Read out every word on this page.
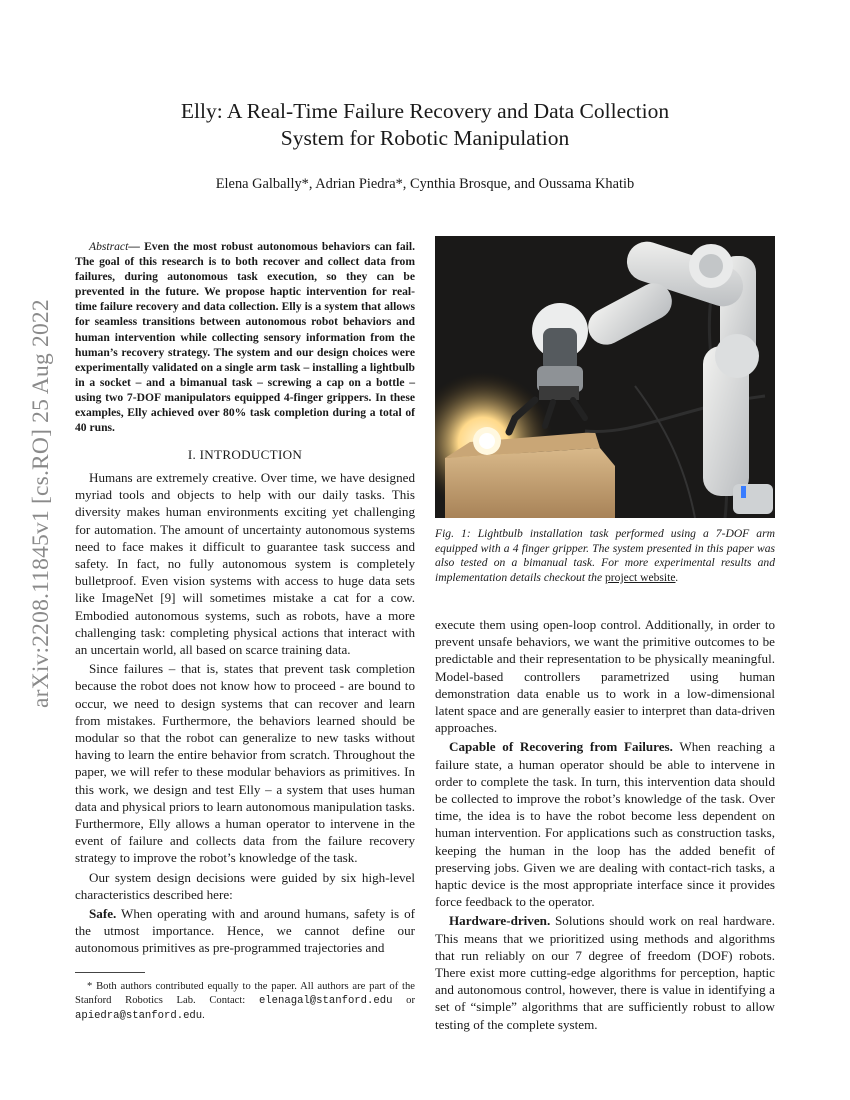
arXiv:2208.11845v1 [cs.RO] 25 Aug 2022
Elly: A Real-Time Failure Recovery and Data Collection
System for Robotic Manipulation
Elena Galbally*, Adrian Piedra*, Cynthia Brosque, and Oussama Khatib
Abstract— Even the most robust autonomous behaviors can fail. The goal of this research is to both recover and collect data from failures, during autonomous task execution, so they can be prevented in the future. We propose haptic intervention for real-time failure recovery and data collection. Elly is a system that allows for seamless transitions between autonomous robot behaviors and human intervention while collecting sensory information from the human’s recovery strategy. The system and our design choices were experimentally validated on a single arm task – installing a lightbulb in a socket – and a bimanual task – screwing a cap on a bottle – using two 7-DOF manipulators equipped 4-finger grippers. In these examples, Elly achieved over 80% task completion during a total of 40 runs.
I. INTRODUCTION

Humans are extremely creative. Over time, we have designed myriad tools and objects to help with our daily tasks. This diversity makes human environments exciting yet challenging for automation. The amount of uncertainty autonomous systems need to face makes it difficult to guarantee task success and safety. In fact, no fully autonomous system is completely bulletproof. Even vision systems with access to huge data sets like ImageNet [9] will sometimes mistake a cat for a cow. Embodied autonomous systems, such as robots, have a more challenging task: completing physical actions that interact with an uncertain world, all based on scarce training data.

Since failures – that is, states that prevent task completion because the robot does not know how to proceed - are bound to occur, we need to design systems that can recover and learn from mistakes. Furthermore, the behaviors learned should be modular so that the robot can generalize to new tasks without having to learn the entire behavior from scratch. Throughout the paper, we will refer to these modular behaviors as primitives. In this work, we design and test Elly – a system that uses human data and physical priors to learn autonomous manipulation tasks. Furthermore, Elly allows a human operator to intervene in the event of failure and collects data from the failure recovery strategy to improve the robot’s knowledge of the task.

Our system design decisions were guided by six high-level characteristics described here:

Safe. When operating with and around humans, safety is of the utmost importance. Hence, we cannot define our autonomous primitives as pre-programmed trajectories and

Fig. 1: Lightbulb installation task performed using a 7-DOF arm equipped with a 4 finger gripper. The system presented in this paper was also tested on a bimanual task. For more experimental results and implementation details checkout the project website.

execute them using open-loop control. Additionally, in order to prevent unsafe behaviors, we want the primitive outcomes to be predictable and their representation to be physically meaningful. Model-based controllers parametrized using human demonstration data enable us to work in a low-dimensional latent space and are generally easier to interpret than data-driven approaches.

Capable of Recovering from Failures. When reaching a failure state, a human operator should be able to intervene in order to complete the task. In turn, this intervention data should be collected to improve the robot’s knowledge of the task. Over time, the idea is to have the robot become less dependent on human intervention. For applications such as construction tasks, keeping the human in the loop has the added benefit of preserving jobs. Given we are dealing with contact-rich tasks, a haptic device is the most appropriate interface since it provides force feedback to the operator.

Hardware-driven. Solutions should work on real hardware. This means that we prioritized using methods and algorithms that run reliably on our 7 degree of freedom (DOF) robots. There exist more cutting-edge algorithms for perception, haptic and autonomous control, however, there is value in identifying a set of “simple” algorithms that are sufficiently robust to allow testing of the complete system.

* Both authors contributed equally to the paper. All authors are part of the Stanford Robotics Lab. Contact: elenagal@stanford.edu or apiedra@stanford.edu.
